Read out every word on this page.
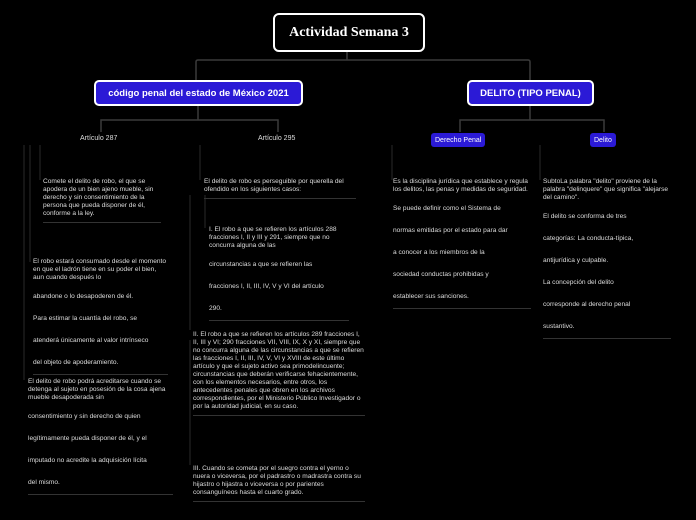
Actividad Semana 3
código penal del estado de México 2021	DELITO (TIPO PENAL)
Artículo 287	Artículo 295	Derecho Penal	Delito

Comete el delito de robo, el que se apodera de un bien ajeno mueble, sin derecho y sin consentimiento de la persona que pueda disponer de él, conforme a la ley.

El robo estará consumado desde el momento en que el ladrón tiene en su poder el bien, aun cuando después lo

abandone o lo desapoderen de él.

Para estimar la cuantía del robo, se

atenderá únicamente al valor intrínseco

del objeto de apoderamiento.

El delito de robo podrá acreditarse cuando se detenga al sujeto en posesión de la cosa ajena mueble desapoderada sin

consentimiento y sin derecho de quien

legítimamente pueda disponer de él, y el

imputado no acredite la adquisición lícita

del mismo.

El delito de robo es perseguible por querella del ofendido en los siguientes casos:

I. El robo a que se refieren los artículos 288 fracciones I, II y III y 291, siempre que no concurra alguna de las

circunstancias a que se refieren las

fracciones I, II, III, IV, V y VI del artículo

290.

II. El robo a que se refieren los artículos 289 fracciones I, II, III y VI; 290 fracciones VII, VIII, IX, X y XI, siempre que no concurra alguna de las circunstancias a que se refieren las fracciones I, II, III, IV, V, VI y XVIII de este último artículo y que el sujeto activo sea primodelincuente; circunstancias que deberán verificarse fehacientemente, con los elementos necesarios, entre otros, los antecedentes penales que obren en los archivos correspondientes, por el Ministerio Público Investigador o por la autoridad judicial, en su caso.

III. Cuando se cometa por el suegro contra el yerno o nuera o viceversa, por el padrastro o madrastra contra su hijastro o hijastra o viceversa o por parientes consanguíneos hasta el cuarto grado.

Es la disciplina jurídica que establece y regula los delitos, las penas y medidas de seguridad.

Se puede definir como el Sistema de

normas emitidas por el estado para dar

a conocer a los miembros de la

sociedad conductas prohibidas y

establecer sus sanciones.

SubtoLa palabra "delito" proviene de la palabra "delinquere" que significa "alejarse del camino".

El delito se conforma de tres

categorías: La conducta-típica,

antijurídica y culpable.

La concepción del delito

corresponde al derecho penal

sustantivo.
